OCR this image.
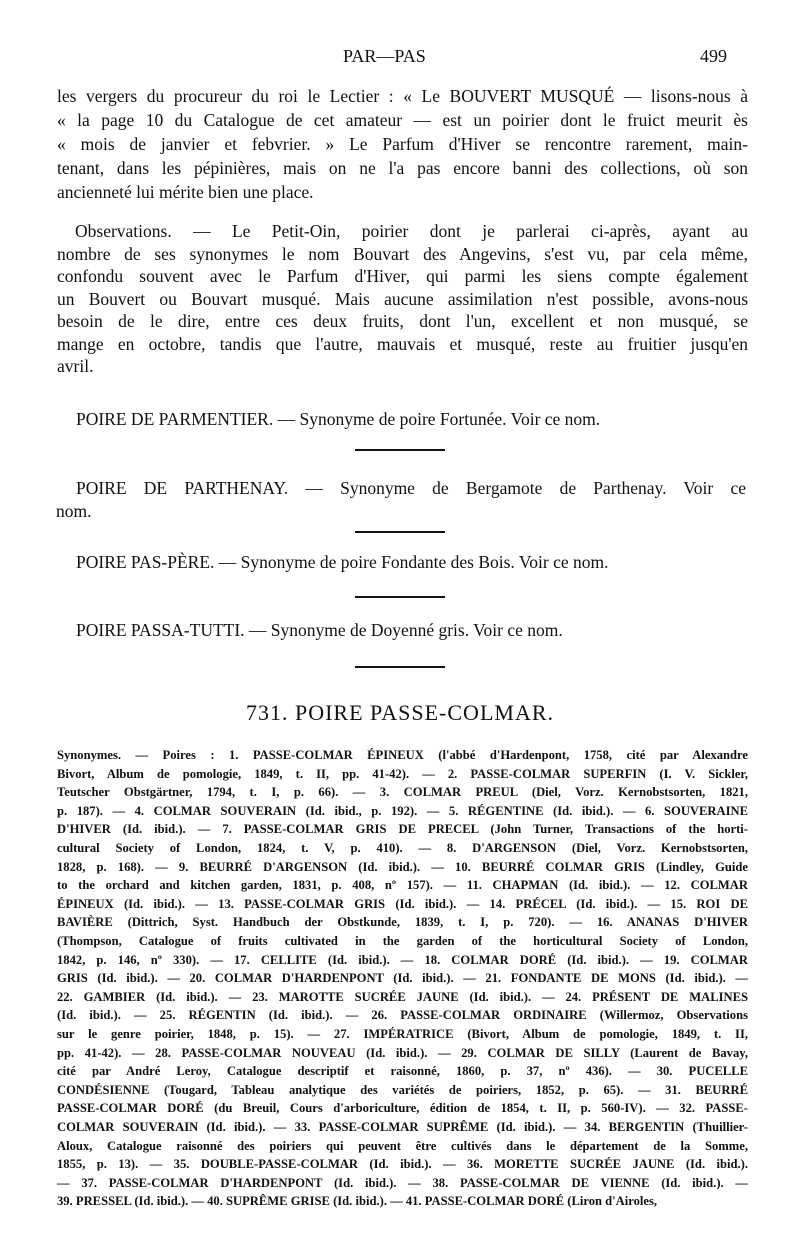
PAR—PAS	499
les vergers du procureur du roi le Lectier : « Le BOUVERT MUSQUÉ — lisons-nous à
« la page 10 du Catalogue de cet amateur — est un poirier dont le fruict meurit ès
« mois de janvier et febvrier. » Le Parfum d'Hiver se rencontre rarement, main-
tenant, dans les pépinières, mais on ne l'a pas encore banni des collections, où son
ancienneté lui mérite bien une place.
Observations. — Le Petit-Oin, poirier dont je parlerai ci-après, ayant au
nombre de ses synonymes le nom Bouvart des Angevins, s'est vu, par cela même,
confondu souvent avec le Parfum d'Hiver, qui parmi les siens compte également
un Bouvert ou Bouvart musqué. Mais aucune assimilation n'est possible, avons-nous
besoin de le dire, entre ces deux fruits, dont l'un, excellent et non musqué, se
mange en octobre, tandis que l'autre, mauvais et musqué, reste au fruitier jusqu'en
avril.
POIRE DE PARMENTIER. — Synonyme de poire Fortunée. Voir ce nom.
POIRE DE PARTHENAY. — Synonyme de Bergamote de Parthenay. Voir ce
nom.
POIRE PAS-PÈRE. — Synonyme de poire Fondante des Bois. Voir ce nom.
POIRE PASSA-TUTTI. — Synonyme de Doyenné gris. Voir ce nom.
731. POIRE PASSE-COLMAR.
Synonymes. — Poires : 1. PASSE-COLMAR ÉPINEUX (l'abbé d'Hardenpont, 1758, cité par Alexandre
Bivort, Album de pomologie, 1849, t. II, pp. 41-42). — 2. PASSE-COLMAR SUPERFIN (I. V. Sickler,
Teutscher Obstgärtner, 1794, t. I, p. 66). — 3. COLMAR PREUL (Diel, Vorz. Kernobstsorten, 1821,
p. 187). — 4. COLMAR SOUVERAIN (Id. ibid., p. 192). — 5. RÉGENTINE (Id. ibid.). — 6. SOUVERAINE
D'HIVER (Id. ibid.). — 7. PASSE-COLMAR GRIS DE PRECEL (John Turner, Transactions of the horti-
cultural Society of London, 1824, t. V, p. 410). — 8. D'ARGENSON (Diel, Vorz. Kernobstsorten,
1828, p. 168). — 9. BEURRÉ D'ARGENSON (Id. ibid.). — 10. BEURRÉ COLMAR GRIS (Lindley, Guide
to the orchard and kitchen garden, 1831, p. 408, nº 157). — 11. CHAPMAN (Id. ibid.). — 12. COLMAR
ÉPINEUX (Id. ibid.). — 13. PASSE-COLMAR GRIS (Id. ibid.). — 14. PRÉCEL (Id. ibid.). — 15. ROI DE
BAVIÈRE (Dittrich, Syst. Handbuch der Obstkunde, 1839, t. I, p. 720). — 16. ANANAS D'HIVER
(Thompson, Catalogue of fruits cultivated in the garden of the horticultural Society of London,
1842, p. 146, nº 330). — 17. CELLITE (Id. ibid.). — 18. COLMAR DORÉ (Id. ibid.). — 19. COLMAR
GRIS (Id. ibid.). — 20. COLMAR D'HARDENPONT (Id. ibid.). — 21. FONDANTE DE MONS (Id. ibid.). —
22. GAMBIER (Id. ibid.). — 23. MAROTTE SUCRÉE JAUNE (Id. ibid.). — 24. PRÉSENT DE MALINES
(Id. ibid.). — 25. RÉGENTIN (Id. ibid.). — 26. PASSE-COLMAR ORDINAIRE (Willermoz, Observations
sur le genre poirier, 1848, p. 15). — 27. IMPÉRATRICE (Bivort, Album de pomologie, 1849, t. II,
pp. 41-42). — 28. PASSE-COLMAR NOUVEAU (Id. ibid.). — 29. COLMAR DE SILLY (Laurent de Bavay,
cité par André Leroy, Catalogue descriptif et raisonné, 1860, p. 37, nº 436). — 30. PUCELLE
CONDÉSIENNE (Tougard, Tableau analytique des variétés de poiriers, 1852, p. 65). — 31. BEURRÉ
PASSE-COLMAR DORÉ (du Breuil, Cours d'arboriculture, édition de 1854, t. II, p. 560-IV). — 32. PASSE-
COLMAR SOUVERAIN (Id. ibid.). — 33. PASSE-COLMAR SUPRÊME (Id. ibid.). — 34. BERGENTIN (Thuillier-
Aloux, Catalogue raisonné des poiriers qui peuvent être cultivés dans le département de la Somme,
1855, p. 13). — 35. DOUBLE-PASSE-COLMAR (Id. ibid.). — 36. MORETTE SUCRÉE JAUNE (Id. ibid.).
— 37. PASSE-COLMAR D'HARDENPONT (Id. ibid.). — 38. PASSE-COLMAR DE VIENNE (Id. ibid.). —
39. PRESSEL (Id. ibid.). — 40. SUPRÊME GRISE (Id. ibid.). — 41. PASSE-COLMAR DORÉ (Liron d'Airoles,
